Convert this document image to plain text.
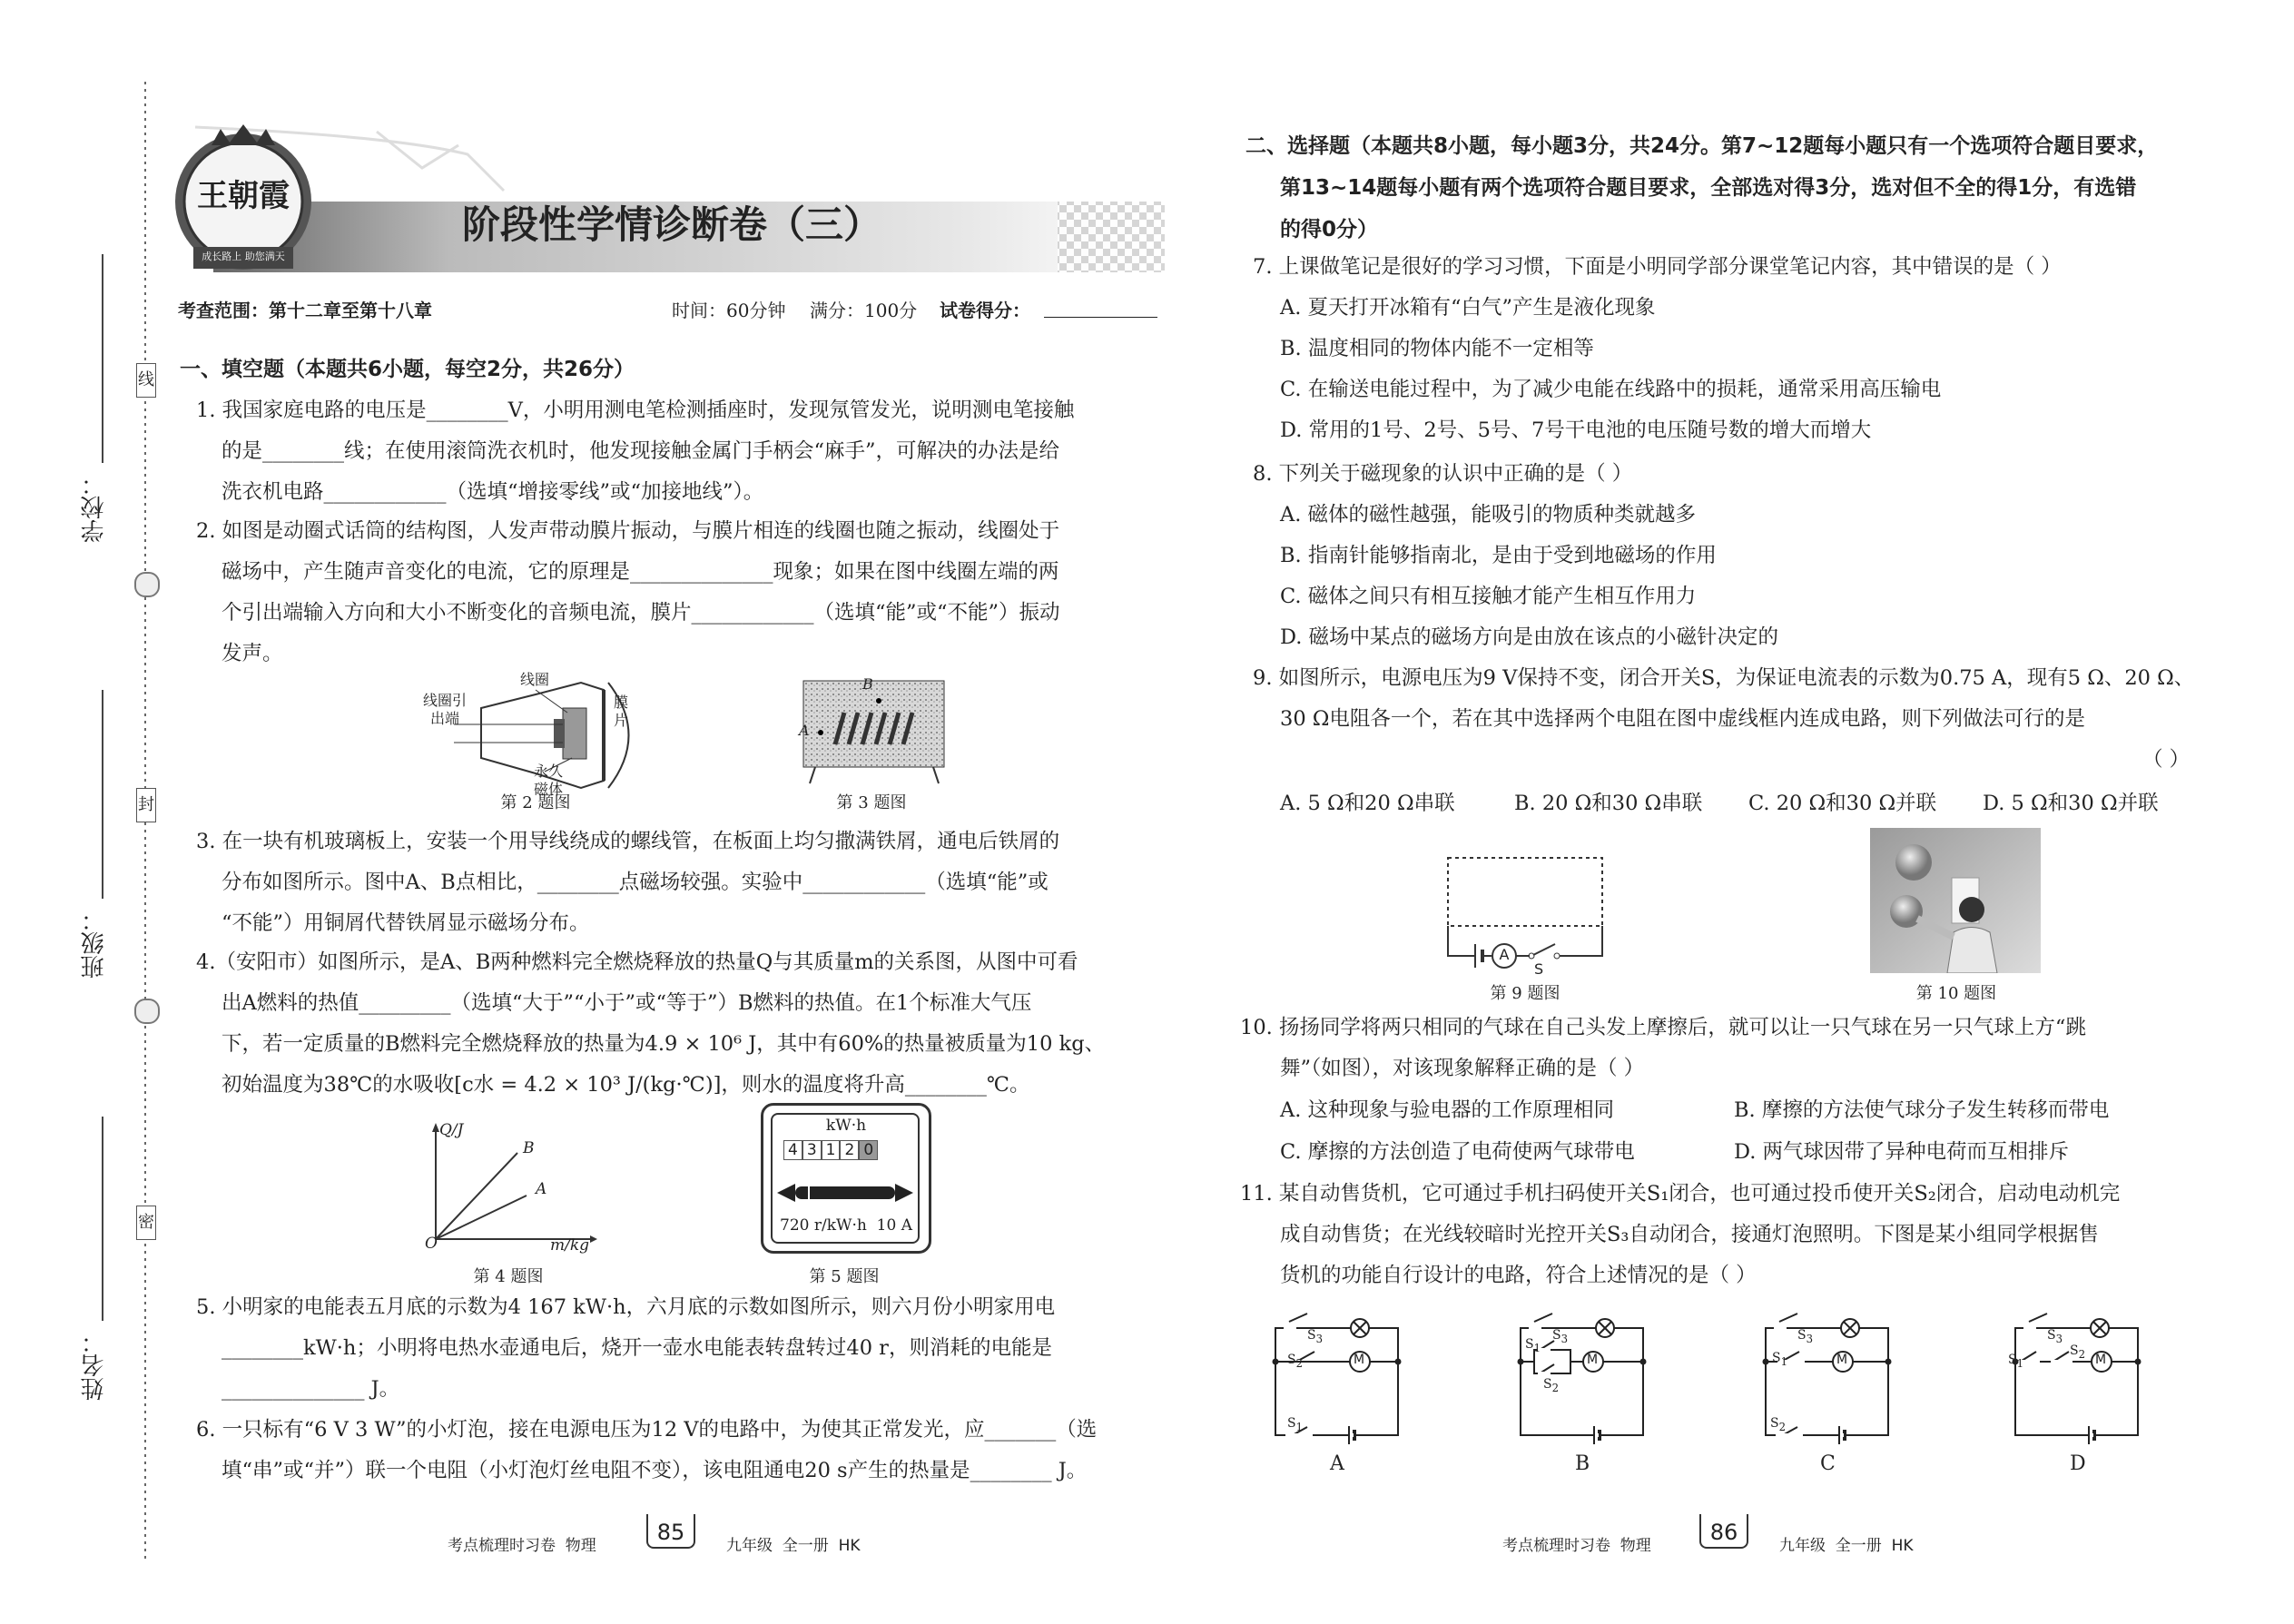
线
封
密
学校：
班级：
姓名：
王朝霞
成长路上 助您满天
阶段性学情诊断卷（三）
考查范围：第十二章至第十八章	时间：60分钟 满分：100分 试卷得分：
一、填空题（本题共6小题，每空2分，共26分）
1. 我国家庭电路的电压是________V，小明用测电笔检测插座时，发现氖管发光，说明测电笔接触
的是________线；在使用滚筒洗衣机时，他发现接触金属门手柄会“麻手”，可解决的办法是给
洗衣机电路____________（选填“增接零线”或“加接地线”）。
2. 如图是动圈式话筒的结构图，人发声带动膜片振动，与膜片相连的线圈也随之振动，线圈处于
磁场中，产生随声音变化的电流，它的原理是______________现象；如果在图中线圈左端的两
个引出端输入方向和大小不断变化的音频电流，膜片____________（选填“能”或“不能”）振动
发声。
线圈
线圈引
出端
永久
磁体
膜
片
第 2 题图
A
B
第 3 题图
3. 在一块有机玻璃板上，安装一个用导线绕成的螺线管，在板面上均匀撒满铁屑，通电后铁屑的
分布如图所示。图中A、B点相比，________点磁场较强。实验中____________（选填“能”或
“不能”）用铜屑代替铁屑显示磁场分布。
4.（安阳市）如图所示，是A、B两种燃料完全燃烧释放的热量Q与其质量m的关系图，从图中可看
出A燃料的热值_________（选填“大于”“小于”或“等于”）B燃料的热值。在1个标准大气压
下，若一定质量的B燃料完全燃烧释放的热量为4.9 × 10⁶ J，其中有60%的热量被质量为10 kg、
初始温度为38℃的水吸收[c水 = 4.2 × 10³ J/(kg·℃)]，则水的温度将升高________℃。
Q/J
m/kg
O
B
A
第 4 题图
kW·h
4 3 1 2 0
720 r/kW·h  10 A
第 5 题图
5. 小明家的电能表五月底的示数为4 167 kW·h，六月底的示数如图所示，则六月份小明家用电
________kW·h；小明将电热水壶通电后，烧开一壶水电能表转盘转过40 r，则消耗的电能是
______________ J。
6. 一只标有“6 V 3 W”的小灯泡，接在电源电压为12 V的电路中，为使其正常发光，应_______（选
填“串”或“并”）联一个电阻（小灯泡灯丝电阻不变），该电阻通电20 s产生的热量是________ J。
考点梳理时习卷  物理
85
九年级  全一册  HK
二、选择题（本题共8小题，每小题3分，共24分。第7~12题每小题只有一个选项符合题目要求，
第13~14题每小题有两个选项符合题目要求，全部选对得3分，选对但不全的得1分，有选错
的得0分）
7. 上课做笔记是很好的学习习惯，下面是小明同学部分课堂笔记内容，其中错误的是（ ）
A. 夏天打开冰箱有“白气”产生是液化现象
B. 温度相同的物体内能不一定相等
C. 在输送电能过程中，为了减少电能在线路中的损耗，通常采用高压输电
D. 常用的1号、2号、5号、7号干电池的电压随号数的增大而增大
8. 下列关于磁现象的认识中正确的是（ ）
A. 磁体的磁性越强，能吸引的物质种类就越多
B. 指南针能够指南北，是由于受到地磁场的作用
C. 磁体之间只有相互接触才能产生相互作用力
D. 磁场中某点的磁场方向是由放在该点的小磁针决定的
9. 如图所示，电源电压为9 V保持不变，闭合开关S，为保证电流表的示数为0.75 A，现有5 Ω、20 Ω、
30 Ω电阻各一个，若在其中选择两个电阻在图中虚线框内连成电路，则下列做法可行的是
（ ）
A. 5 Ω和20 Ω串联	B. 20 Ω和30 Ω串联 C. 20 Ω和30 Ω并联 D. 5 Ω和30 Ω并联
A
S
第 9 题图	第 10 题图
10. 扬扬同学将两只相同的气球在自己头发上摩擦后，就可以让一只气球在另一只气球上方“跳
舞”（如图），对该现象解释正确的是（ ）
A. 这种现象与验电器的工作原理相同	B. 摩擦的方法使气球分子发生转移而带电
C. 摩擦的方法创造了电荷使两气球带电	D. 两气球因带了异种电荷而互相排斥
11. 某自动售货机，它可通过手机扫码使开关S₁闭合，也可通过投币使开关S₂闭合，启动电动机完
成自动售货；在光线较暗时光控开关S₃自动闭合，接通灯泡照明。下图是某小组同学根据售
货机的功能自行设计的电路，符合上述情况的是（ ）
M	M	M	M
$S_3$
$S_2$
$S_1$
$S_3$
$S_1$
$S_2$
$S_3$
$S_1$
$S_2$
$S_3$
$S_1$
$S_2$
A	B	C	D
考点梳理时习卷  物理
86
九年级  全一册  HK
